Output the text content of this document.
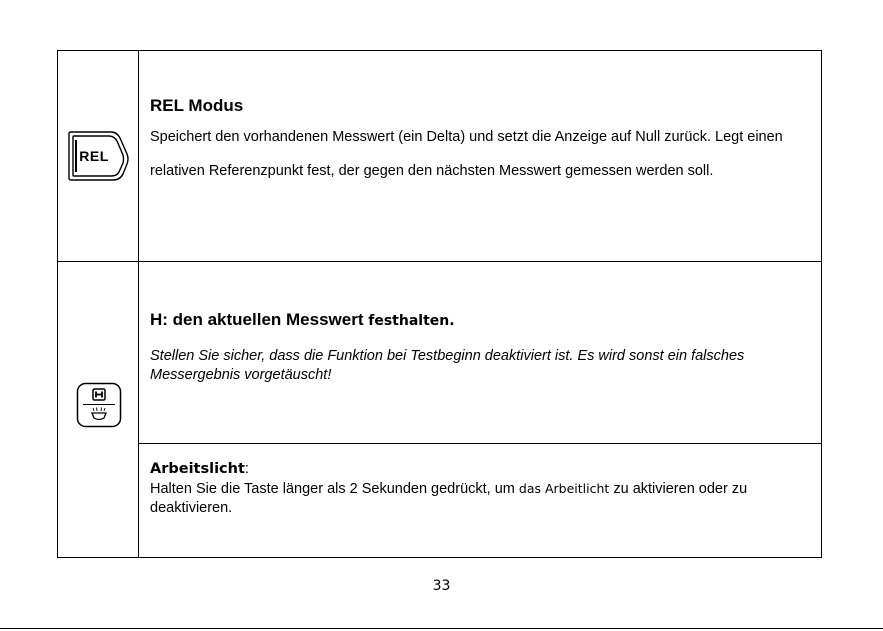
REL

REL Modus

Speichert den vorhandenen Messwert (ein Delta) und setzt die Anzeige auf Null zurück. Legt einen relativen Referenzpunkt fest, der gegen den nächsten Messwert gemessen werden soll.

H: den aktuellen Messwert festhalten.

Stellen Sie sicher, dass die Funktion bei Testbeginn deaktiviert ist. Es wird sonst ein falsches Messergebnis vorgetäuscht!

Arbeitslicht:

Halten Sie die Taste länger als 2 Sekunden gedrückt, um das Arbeitlicht zu aktivieren oder zu deaktivieren.

33
